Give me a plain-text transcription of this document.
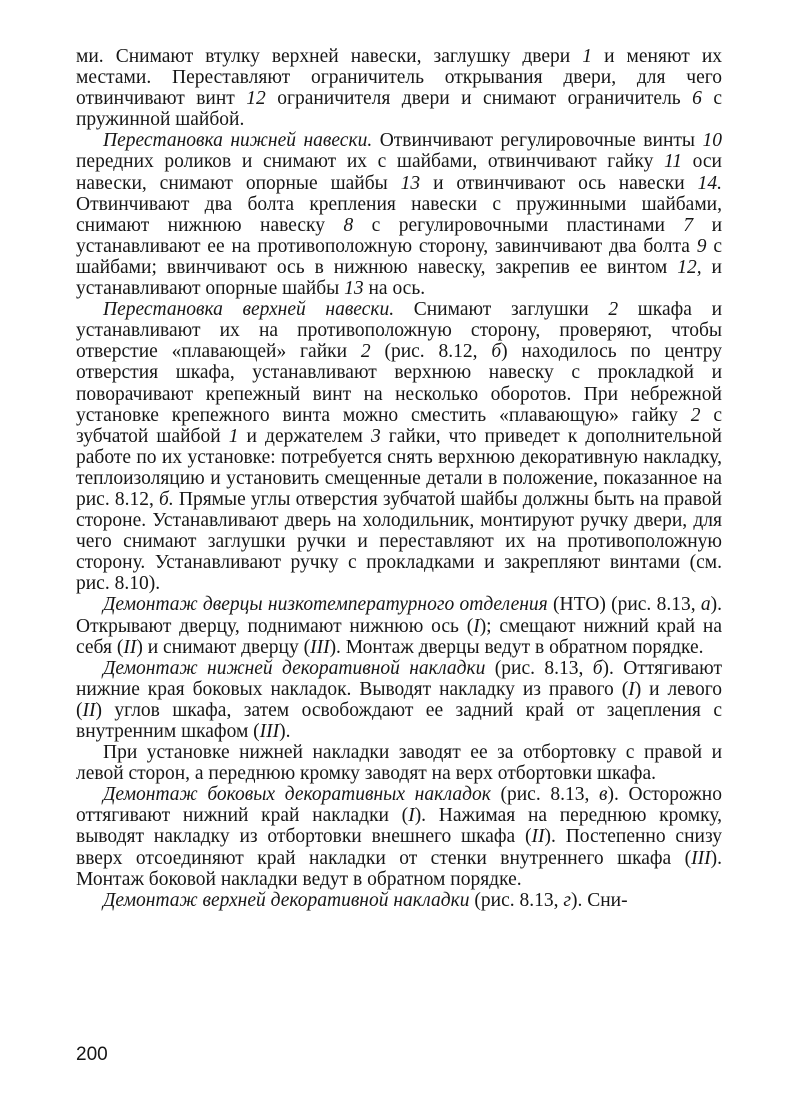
ми. Снимают втулку верхней навески, заглушку двери 1 и меняют их местами. Переставляют ограничитель открывания двери, для чего отвинчивают винт 12 ограничителя двери и снимают ограничитель 6 с пружинной шайбой.

Перестановка нижней навески. Отвинчивают регулировочные винты 10 передних роликов и снимают их с шайбами, отвинчивают гайку 11 оси навески, снимают опорные шайбы 13 и отвинчивают ось навески 14. Отвинчивают два болта крепления навески с пружинными шайбами, снимают нижнюю навеску 8 с регулировочными пластинами 7 и устанавливают ее на противоположную сторону, завинчивают два болта 9 с шайбами; ввинчивают ось в нижнюю навеску, закрепив ее винтом 12, и устанавливают опорные шайбы 13 на ось.

Перестановка верхней навески. Снимают заглушки 2 шкафа и устанавливают их на противоположную сторону, проверяют, чтобы отверстие «плавающей» гайки 2 (рис. 8.12, б) находилось по центру отверстия шкафа, устанавливают верхнюю навеску с прокладкой и поворачивают крепежный винт на несколько оборотов. При небрежной установке крепежного винта можно сместить «плавающую» гайку 2 с зубчатой шайбой 1 и держателем 3 гайки, что приведет к дополнительной работе по их установке: потребуется снять верхнюю декоративную накладку, теплоизоляцию и установить смещенные детали в положение, показанное на рис. 8.12, б. Прямые углы отверстия зубчатой шайбы должны быть на правой стороне. Устанавливают дверь на холодильник, монтируют ручку двери, для чего снимают заглушки ручки и переставляют их на противоположную сторону. Устанавливают ручку с прокладками и закрепляют винтами (см. рис. 8.10).

Демонтаж дверцы низкотемпературного отделения (НТО) (рис. 8.13, а). Открывают дверцу, поднимают нижнюю ось (I); смещают нижний край на себя (II) и снимают дверцу (III). Монтаж дверцы ведут в обратном порядке.

Демонтаж нижней декоративной накладки (рис. 8.13, б). Оттягивают нижние края боковых накладок. Выводят накладку из правого (I) и левого (II) углов шкафа, затем освобождают ее задний край от зацепления с внутренним шкафом (III).

При установке нижней накладки заводят ее за отбортовку с правой и левой сторон, а переднюю кромку заводят на верх отбортовки шкафа.

Демонтаж боковых декоративных накладок (рис. 8.13, в). Осторожно оттягивают нижний край накладки (I). Нажимая на переднюю кромку, выводят накладку из отбортовки внешнего шкафа (II). Постепенно снизу вверх отсоединяют край накладки от стенки внутреннего шкафа (III). Монтаж боковой накладки ведут в обратном порядке.

Демонтаж верхней декоративной накладки (рис. 8.13, г). Сни-

200
